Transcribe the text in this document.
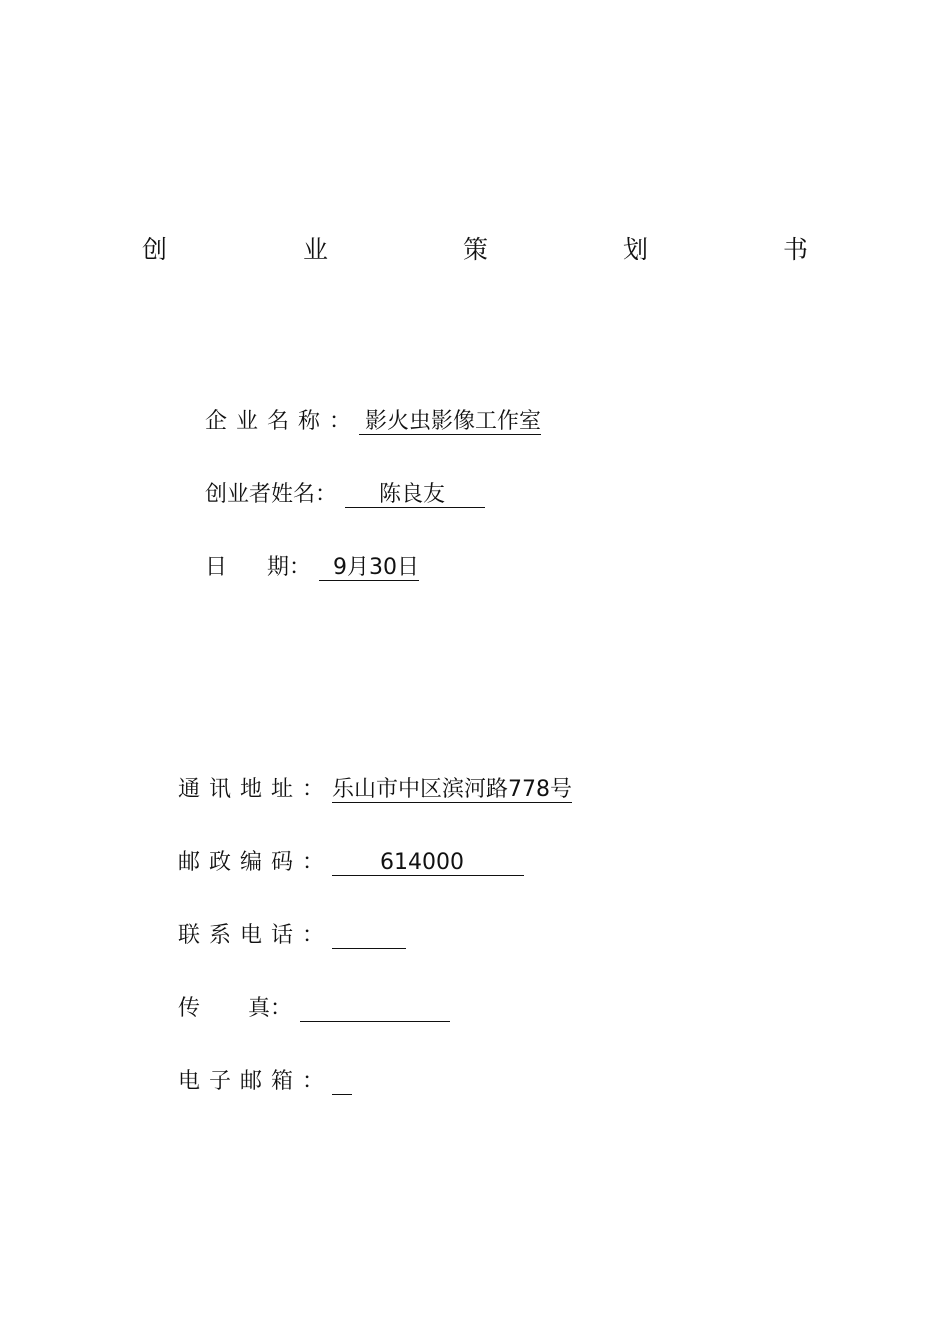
创	业	策	划	书
企业名称 ： 影火虫影像工作室
创业者姓名 ：	陈良友
日 期 ：	9月30日
通讯地址 ： 乐山市中区滨河路778号
邮政编码 ：	614000
联系电话 ：
传 真 ：
电子邮箱 ：
